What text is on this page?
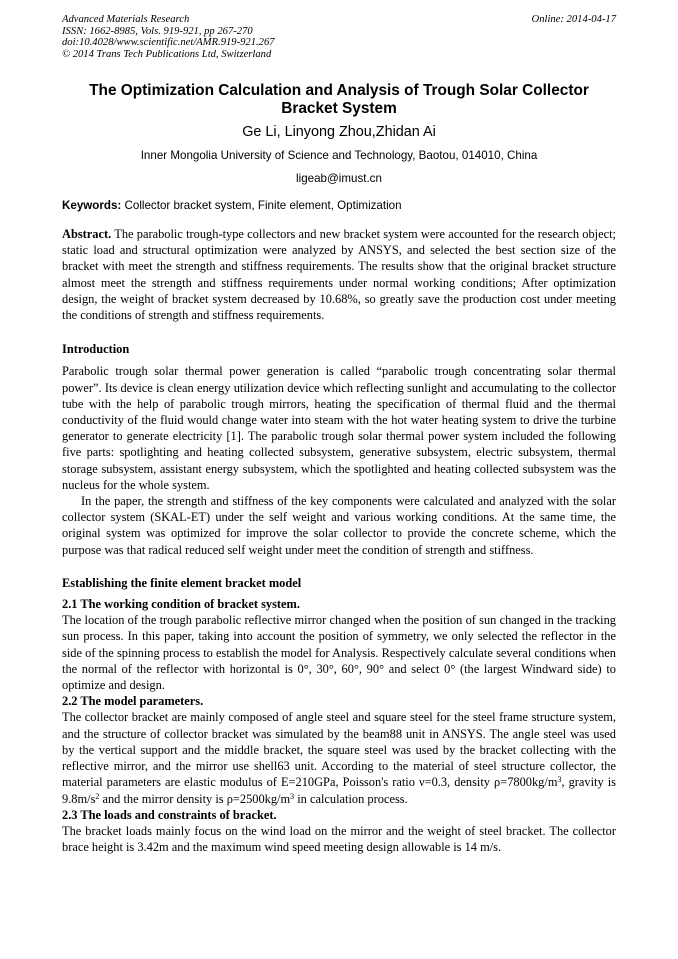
Advanced Materials Research
ISSN: 1662-8985, Vols. 919-921, pp 267-270
doi:10.4028/www.scientific.net/AMR.919-921.267
© 2014 Trans Tech Publications Ltd, Switzerland
Online: 2014-04-17
The Optimization Calculation and Analysis of Trough Solar Collector Bracket System
Ge Li, Linyong Zhou,Zhidan Ai
Inner Mongolia University of Science and Technology, Baotou, 014010, China
ligeab@imust.cn
Keywords: Collector bracket system, Finite element, Optimization

Abstract. The parabolic trough-type collectors and new bracket system were accounted for the research object; static load and structural optimization were analyzed by ANSYS, and selected the best section size of the bracket with meet the strength and stiffness requirements. The results show that the original bracket structure almost meet the strength and stiffness requirements under normal working conditions; After optimization design, the weight of bracket system decreased by 10.68%, so greatly save the production cost under meeting the conditions of strength and stiffness requirements.

Introduction

Parabolic trough solar thermal power generation is called “parabolic trough concentrating solar thermal power”. Its device is clean energy utilization device which reflecting sunlight and accumulating to the collector tube with the help of parabolic trough mirrors, heating the specification of thermal fluid and the thermal conductivity of the fluid would change water into steam with the hot water heating system to drive the turbine generator to generate electricity [1]. The parabolic trough solar thermal power system included the following five parts: spotlighting and heating collected subsystem, generative subsystem, electric subsystem, thermal storage subsystem, assistant energy subsystem, which the spotlighted and heating collected subsystem was the nucleus for the whole system.

In the paper, the strength and stiffness of the key components were calculated and analyzed with the solar collector system (SKAL-ET) under the self weight and various working conditions. At the same time, the original system was optimized for improve the solar collector to provide the concrete scheme, which the purpose was that radical reduced self weight under meet the condition of strength and stiffness.

Establishing the finite element bracket model

2.1 The working condition of bracket system.

The location of the trough parabolic reflective mirror changed when the position of sun changed in the tracking sun process. In this paper, taking into account the position of symmetry, we only selected the reflector in the side of the spinning process to establish the model for Analysis. Respectively calculate several conditions when the normal of the reflector with horizontal is 0°, 30°, 60°, 90° and select 0° (the largest Windward side) to optimize and design.

2.2 The model parameters.

The collector bracket are mainly composed of angle steel and square steel for the steel frame structure system, and the structure of collector bracket was simulated by the beam88 unit in ANSYS. The angle steel was used by the vertical support and the middle bracket, the square steel was used by the bracket collecting with the reflective mirror, and the mirror use shell63 unit. According to the material of steel structure collector, the material parameters are elastic modulus of E=210GPa, Poisson's ratio ν=0.3, density $\rho=7800kg/m^3$, gravity is $9.8m/s^2$ and the mirror density is $\rho=2500kg/m^3$ in calculation process.

2.3 The loads and constraints of bracket.

The bracket loads mainly focus on the wind load on the mirror and the weight of steel bracket. The collector brace height is 3.42m and the maximum wind speed meeting design allowable is 14 m/s.
